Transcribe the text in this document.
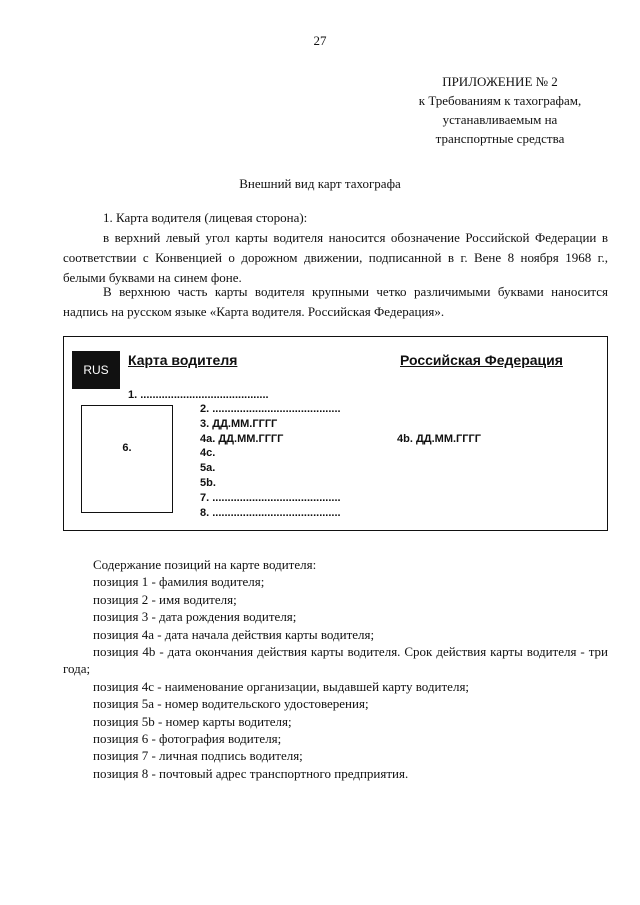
27
ПРИЛОЖЕНИЕ № 2
к Требованиям к тахографам,
устанавливаемым на
транспортные средства
Внешний вид карт тахографа
1. Карта водителя (лицевая сторона):
в верхний левый угол карты водителя наносится обозначение Российской Федерации в соответствии с Конвенцией о дорожном движении, подписанной в г. Вене 8 ноября 1968 г., белыми буквами на синем фоне.
В верхнюю часть карты водителя крупными четко различимыми буквами наносится надпись на русском языке «Карта водителя. Российская Федерация».
RUS
Карта водителя	Российская Федерация
6.
1. ..........................................
2. ..........................................
3. ДД.ММ.ГГГГ
4a. ДД.ММ.ГГГГ	4b. ДД.ММ.ГГГГ
4c.
5a.
5b.
7. ..........................................
8. ..........................................
Содержание позиций на карте водителя:
позиция 1 - фамилия водителя;
позиция 2 - имя водителя;
позиция 3 - дата рождения водителя;
позиция 4a - дата начала действия карты водителя;
позиция 4b - дата окончания действия карты водителя. Срок действия карты водителя - три года;
позиция 4c - наименование организации, выдавшей карту водителя;
позиция 5a - номер водительского удостоверения;
позиция 5b - номер карты водителя;
позиция 6 - фотография водителя;
позиция 7 - личная подпись водителя;
позиция 8 - почтовый адрес транспортного предприятия.
